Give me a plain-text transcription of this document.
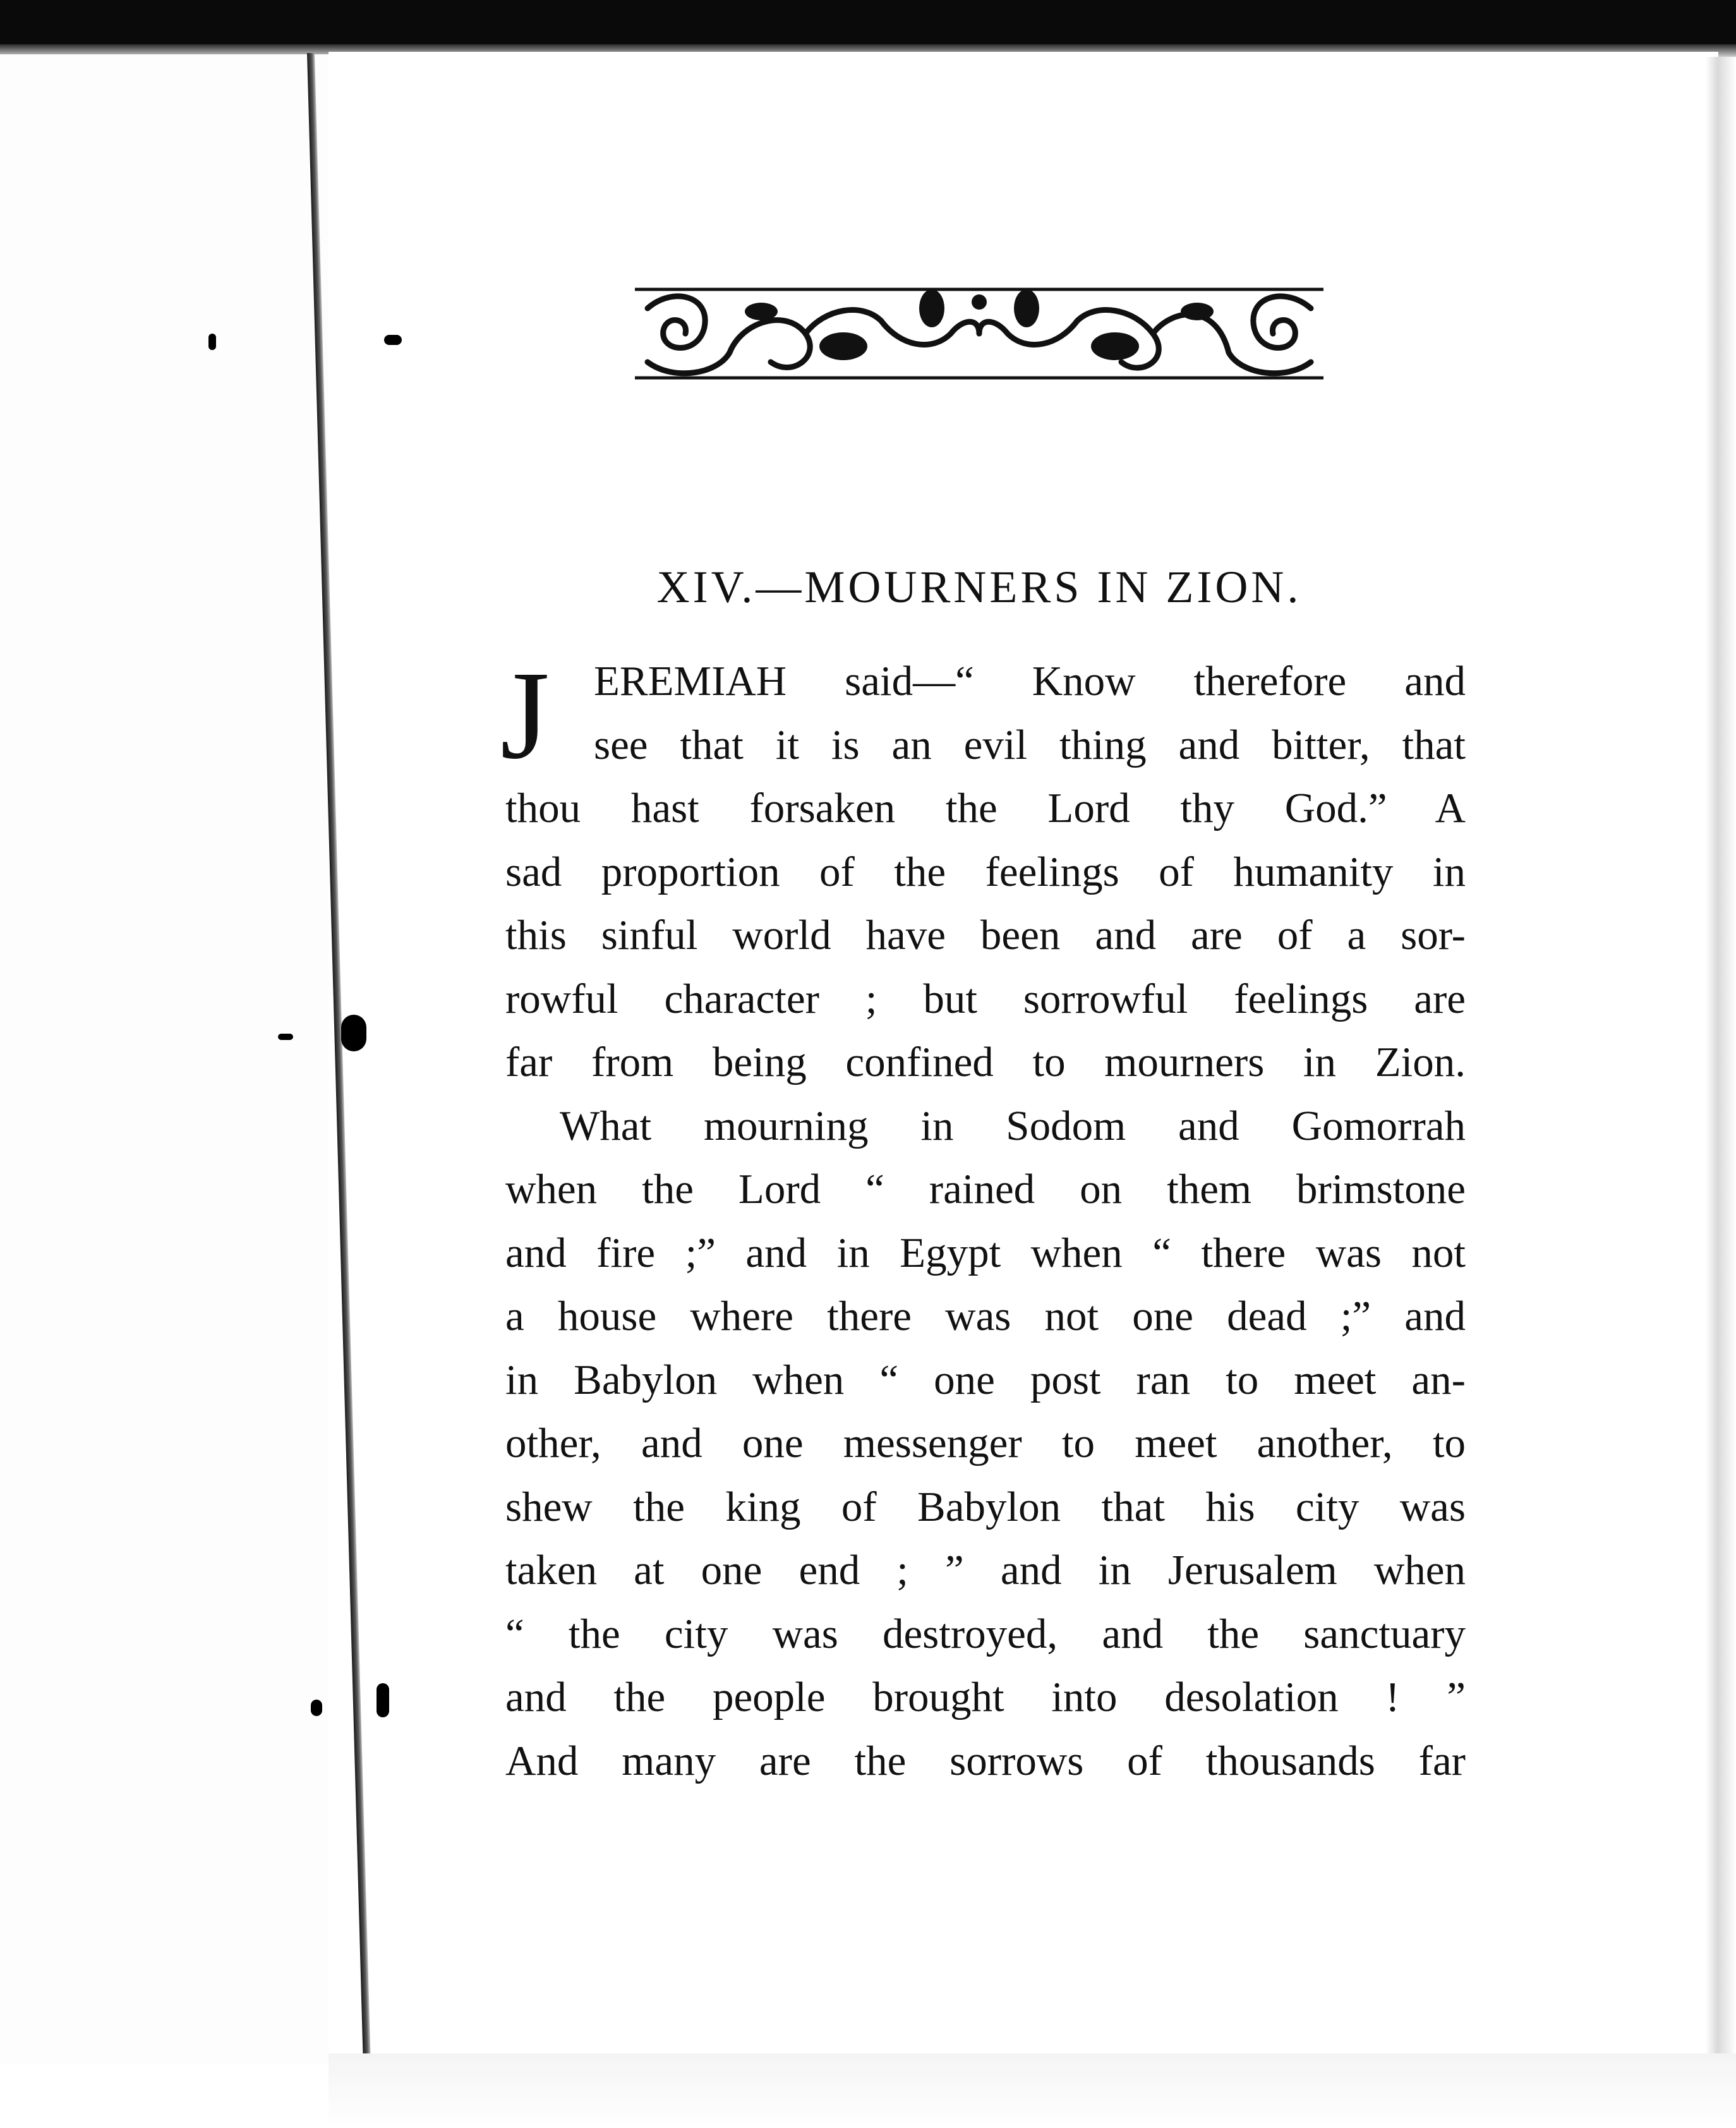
XIV.—MOURNERS IN ZION.
J	EREMIAH said—“ Know therefore and
see that it is an evil thing and bitter, that
thou hast forsaken the Lord thy God.” A
sad proportion of the feelings of humanity in
this sinful world have been and are of a sor-
rowful character ; but sorrowful feelings are
far from being confined to mourners in Zion.
What mourning in Sodom and Gomorrah
when the Lord “ rained on them brimstone
and fire ;” and in Egypt when “ there was not
a house where there was not one dead ;” and
in Babylon when “ one post ran to meet an-
other, and one messenger to meet another, to
shew the king of Babylon that his city was
taken at one end ; ” and in Jerusalem when
“ the city was destroyed, and the sanctuary
and the people brought into desolation ! ”
And many are the sorrows of thousands far
